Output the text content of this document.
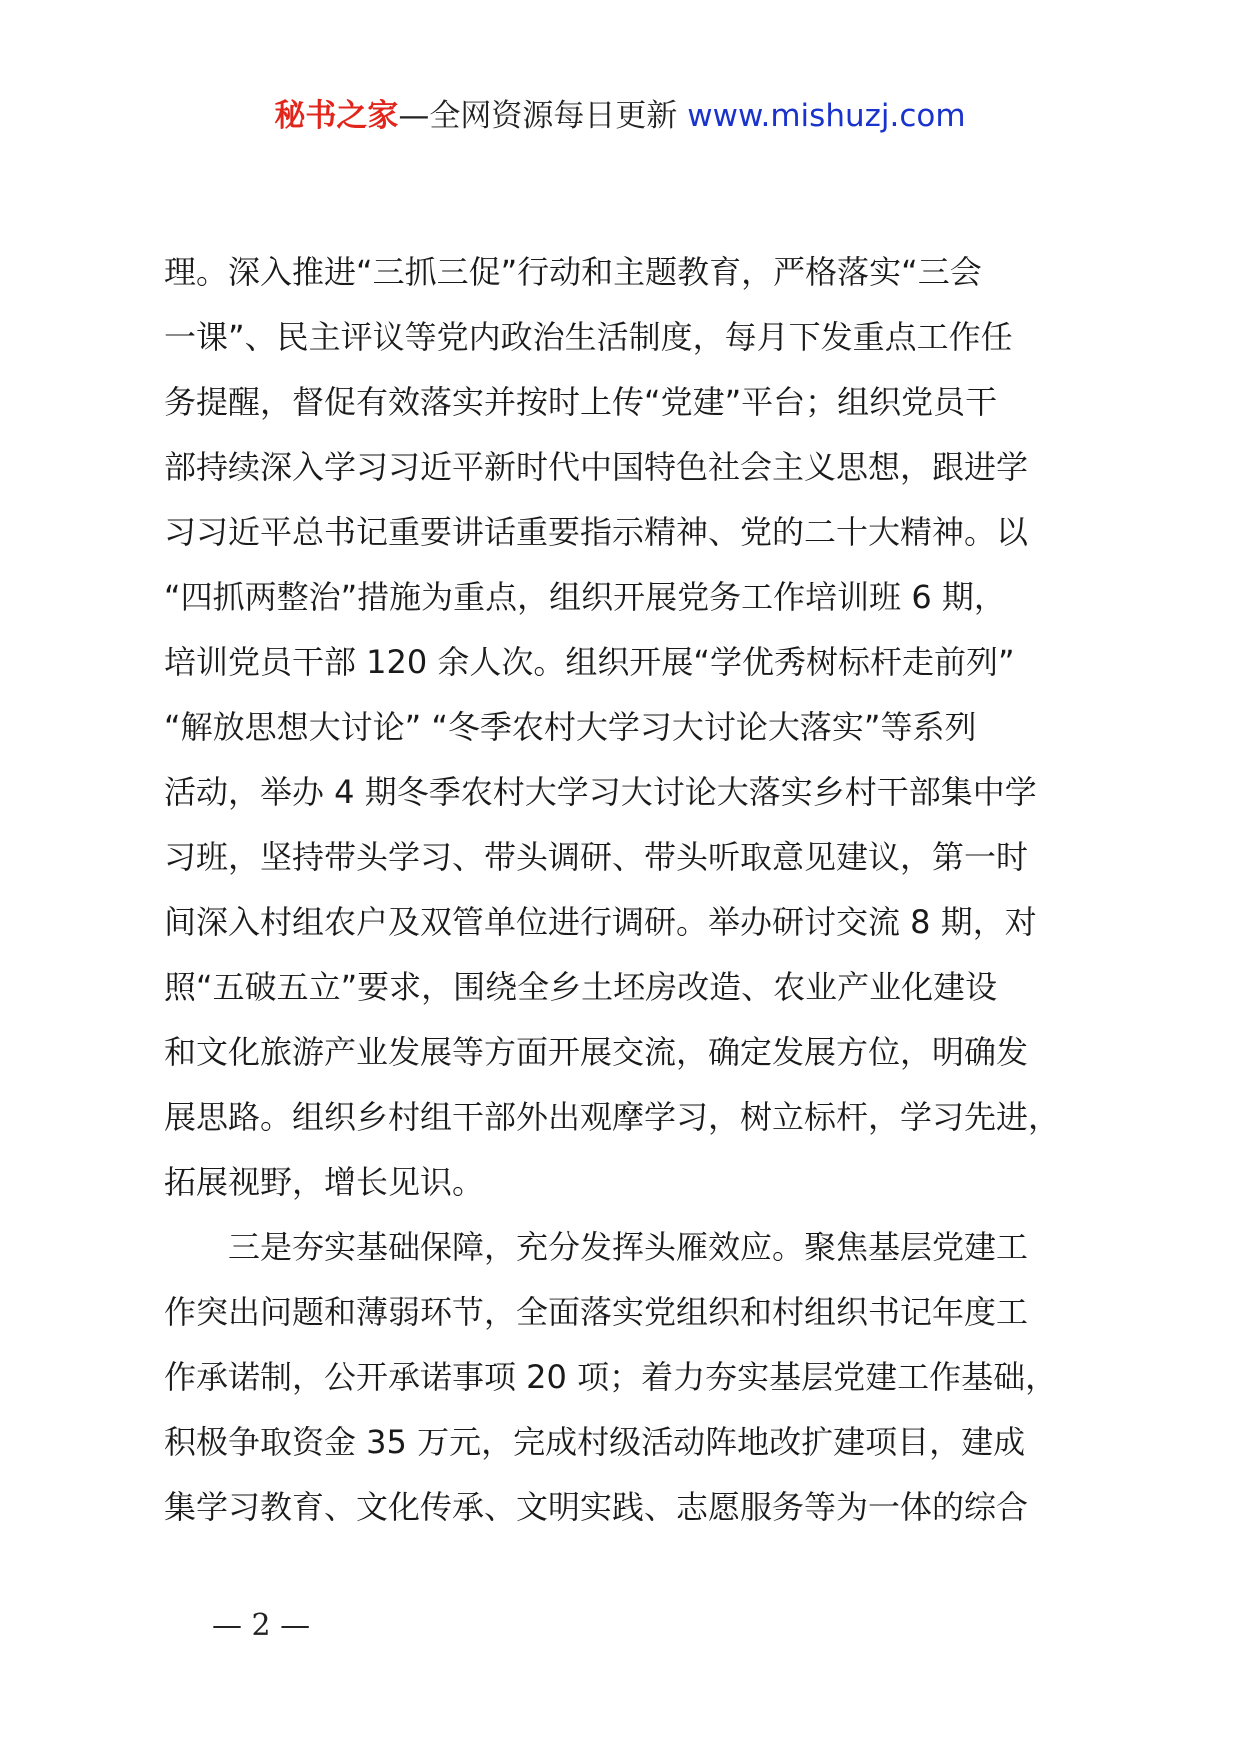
秘书之家—全网资源每日更新 www.mishuzj.com
理。深入推进“三抓三促”行动和主题教育，严格落实“三会
一课”、民主评议等党内政治生活制度，每月下发重点工作任
务提醒，督促有效落实并按时上传“党建”平台；组织党员干
部持续深入学习习近平新时代中国特色社会主义思想，跟进学
习习近平总书记重要讲话重要指示精神、党的二十大精神。以
“四抓两整治”措施为重点，组织开展党务工作培训班 6 期，
培训党员干部 120 余人次。组织开展“学优秀树标杆走前列”
“解放思想大讨论” “冬季农村大学习大讨论大落实”等系列
活动，举办 4 期冬季农村大学习大讨论大落实乡村干部集中学
习班，坚持带头学习、带头调研、带头听取意见建议，第一时
间深入村组农户及双管单位进行调研。举办研讨交流 8 期，对
照“五破五立”要求，围绕全乡土坯房改造、农业产业化建设
和文化旅游产业发展等方面开展交流，确定发展方位，明确发
展思路。组织乡村组干部外出观摩学习，树立标杆，学习先进，
拓展视野，增长见识。
三是夯实基础保障，充分发挥头雁效应。聚焦基层党建工
作突出问题和薄弱环节，全面落实党组织和村组织书记年度工
作承诺制，公开承诺事项 20 项；着力夯实基层党建工作基础，
积极争取资金 35 万元，完成村级活动阵地改扩建项目，建成
集学习教育、文化传承、文明实践、志愿服务等为一体的综合
— 2 —
